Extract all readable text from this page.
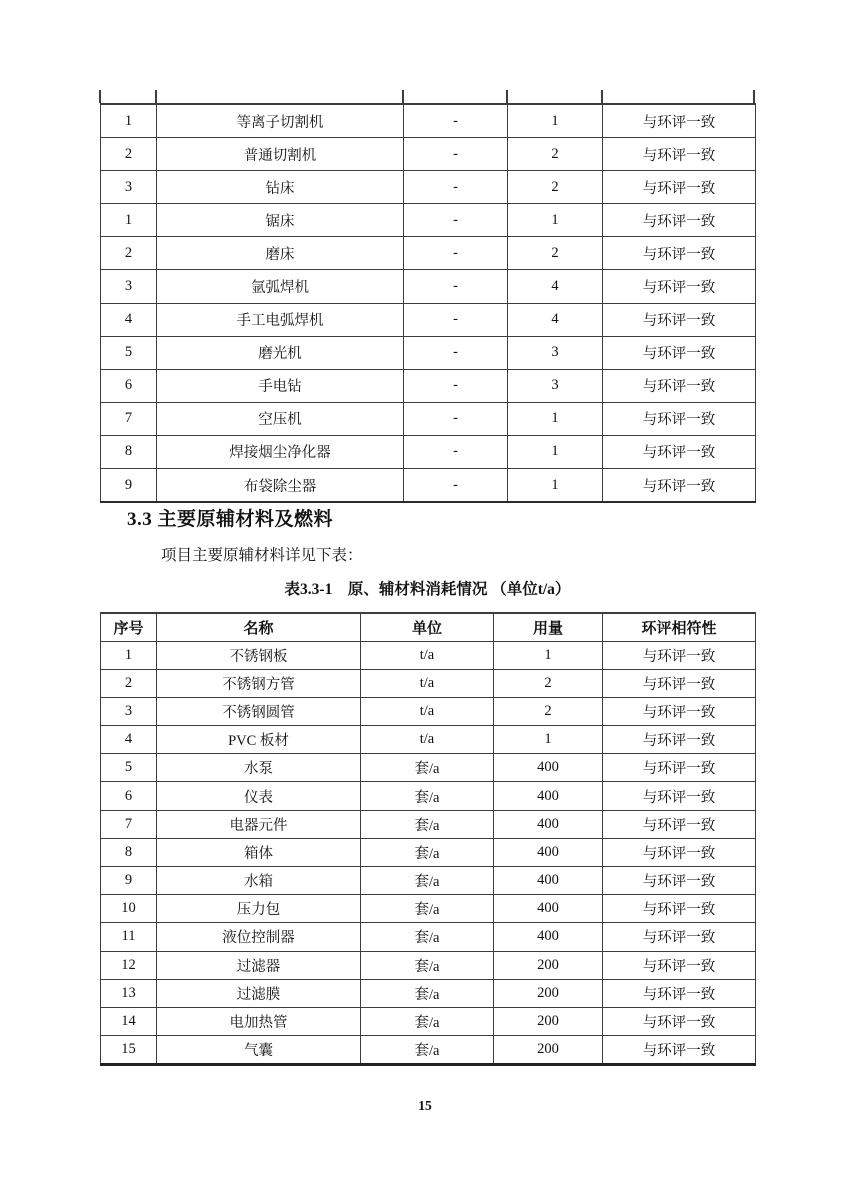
1	等离子切割机	-	1	与环评一致
2	普通切割机	-	2	与环评一致
3	钻床	-	2	与环评一致
1	锯床	-	1	与环评一致
2	磨床	-	2	与环评一致
3	氩弧焊机	-	4	与环评一致
4	手工电弧焊机	-	4	与环评一致
5	磨光机	-	3	与环评一致
6	手电钻	-	3	与环评一致
7	空压机	-	1	与环评一致
8	焊接烟尘净化器	-	1	与环评一致
9	布袋除尘器	-	1	与环评一致
3.3 主要原辅材料及燃料
项目主要原辅材料详见下表：
表3.3-1　原、辅材料消耗情况 （单位t/a）
序号	名称	单位	用量	环评相符性
1	不锈钢板	t/a	1	与环评一致
2	不锈钢方管	t/a	2	与环评一致
3	不锈钢圆管	t/a	2	与环评一致
4	PVC 板材	t/a	1	与环评一致
5	水泵	套/a	400	与环评一致
6	仪表	套/a	400	与环评一致
7	电器元件	套/a	400	与环评一致
8	箱体	套/a	400	与环评一致
9	水箱	套/a	400	与环评一致
10	压力包	套/a	400	与环评一致
11	液位控制器	套/a	400	与环评一致
12	过滤器	套/a	200	与环评一致
13	过滤膜	套/a	200	与环评一致
14	电加热管	套/a	200	与环评一致
15	气囊	套/a	200	与环评一致
15
